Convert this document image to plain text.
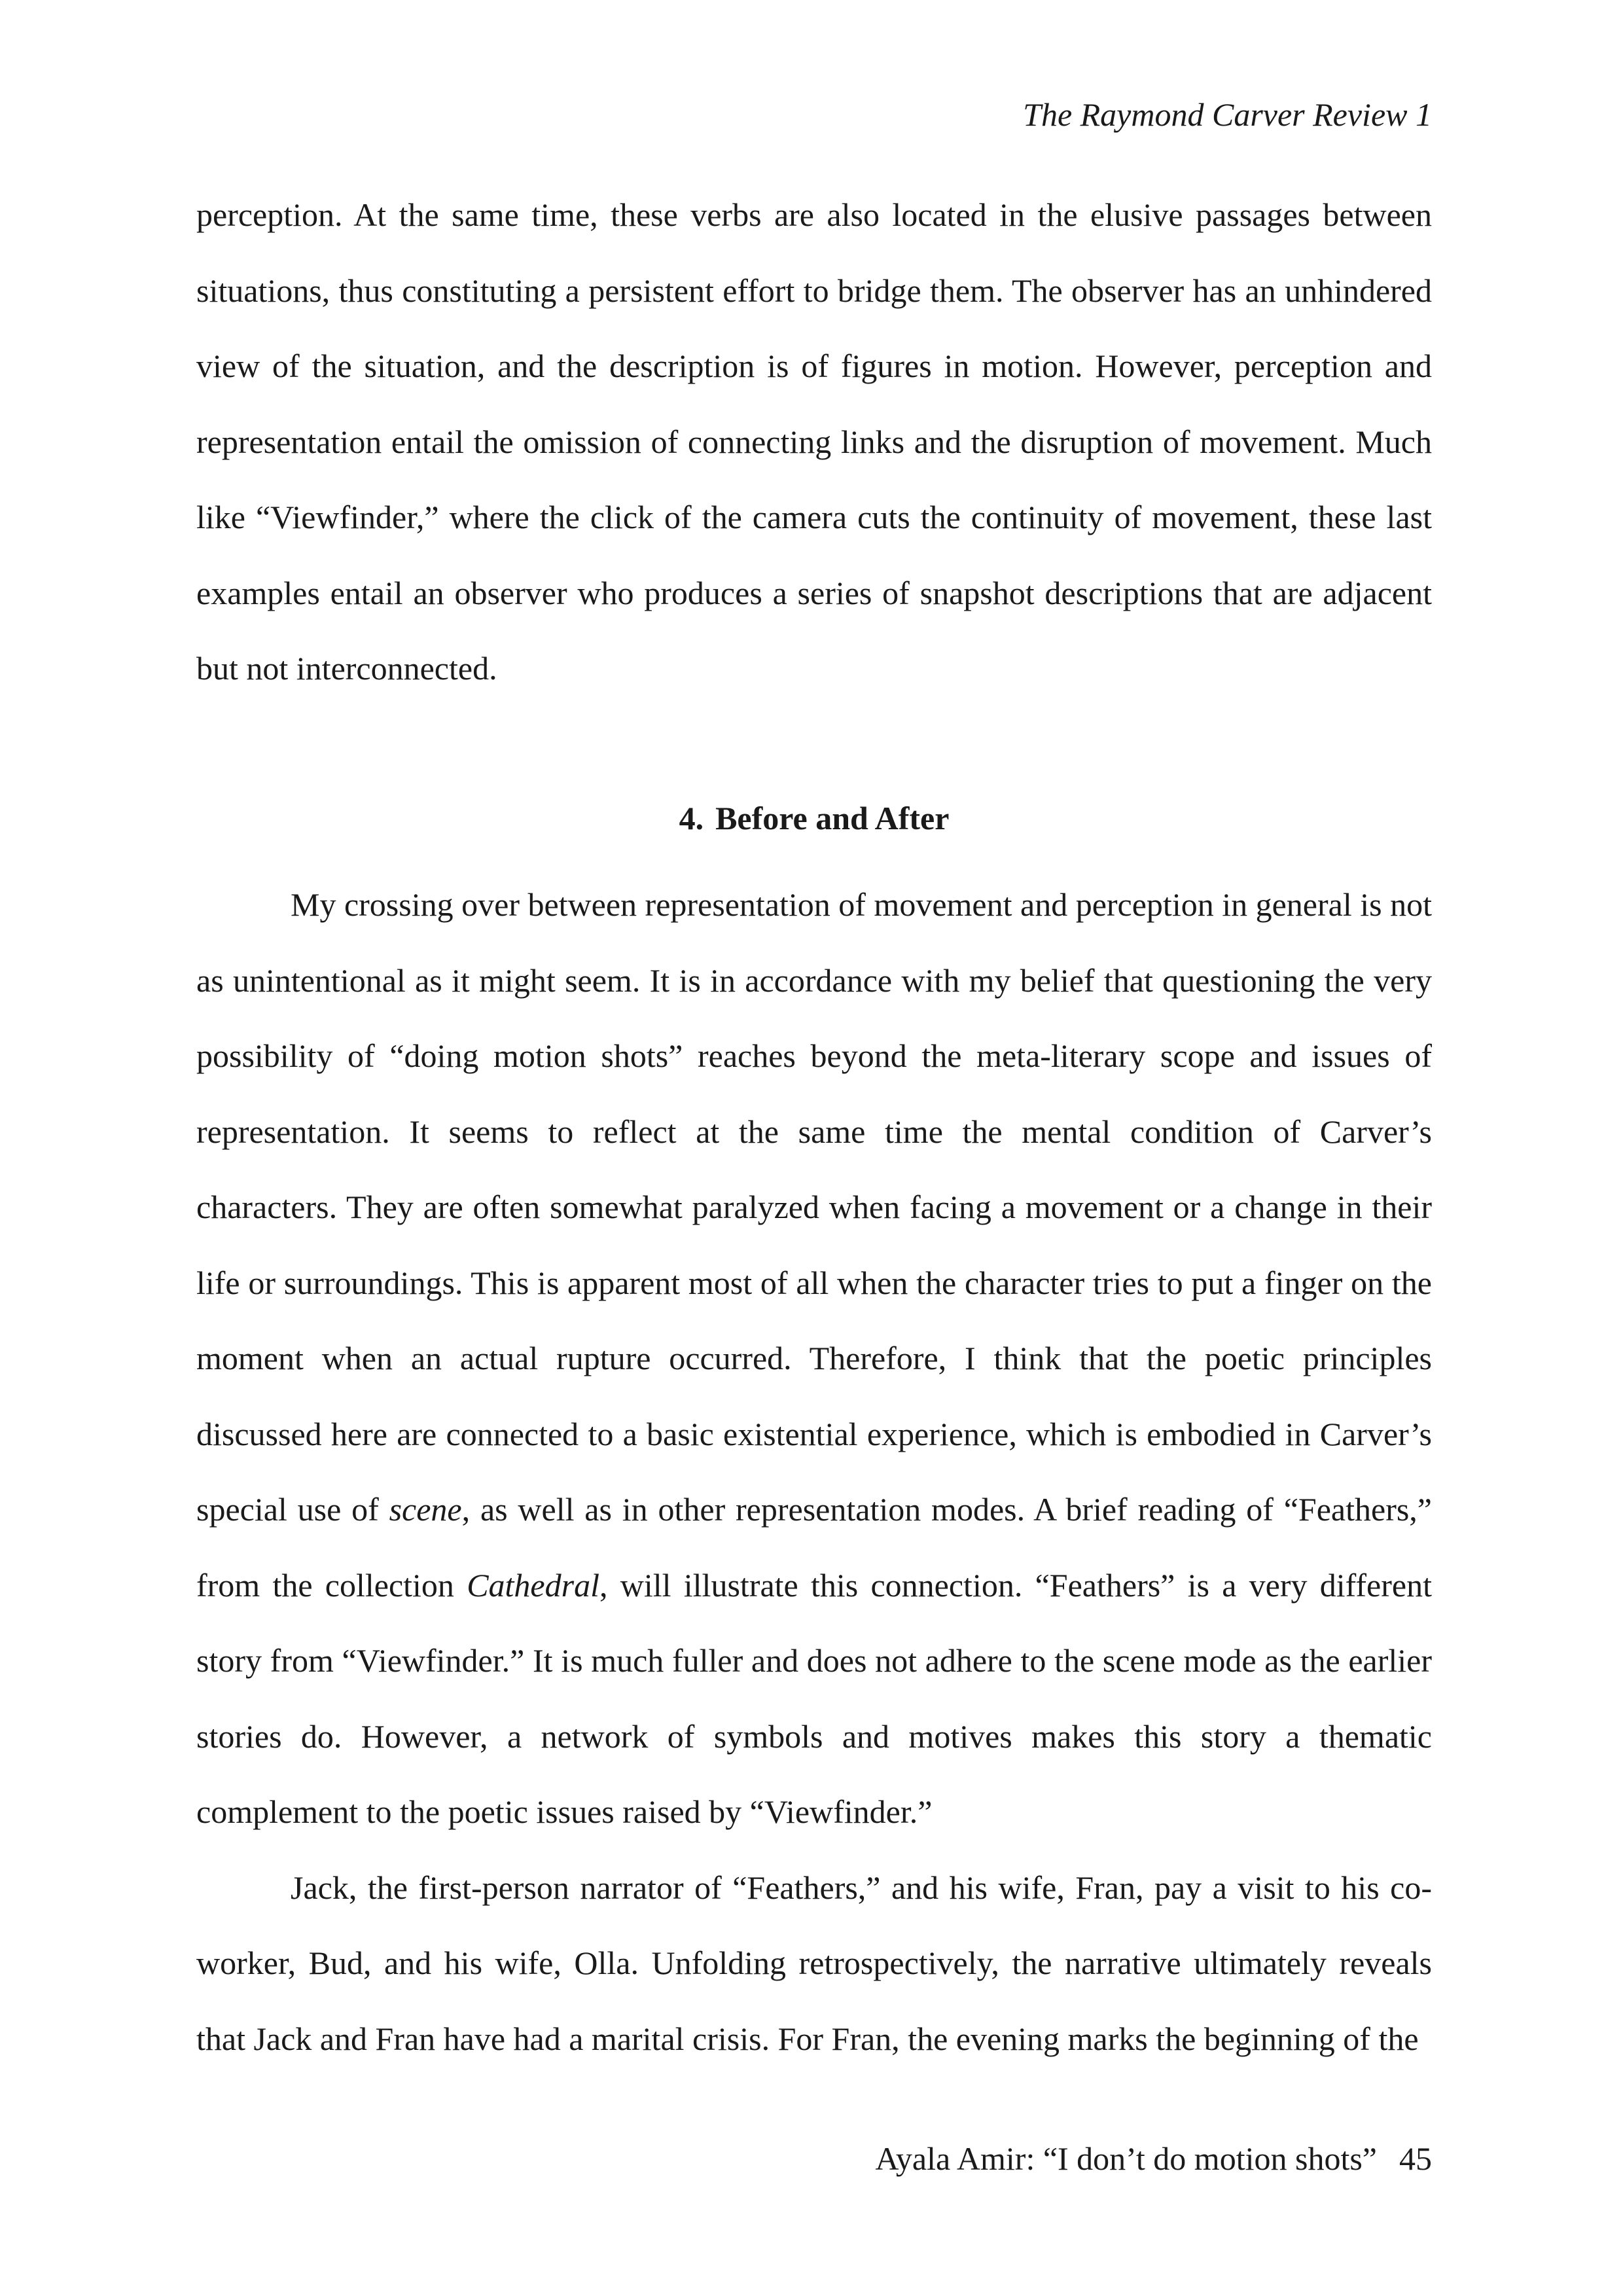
The Raymond Carver Review 1

perception. At the same time, these verbs are also located in the elusive passages between situations, thus constituting a persistent effort to bridge them. The observer has an unhindered view of the situation, and the description is of figures in motion. However, perception and representation entail the omission of connecting links and the disruption of movement. Much like “Viewfinder,” where the click of the camera cuts the continuity of movement, these last examples entail an observer who produces a series of snapshot descriptions that are adjacent but not interconnected.

4. Before and After

My crossing over between representation of movement and perception in general is not as unintentional as it might seem. It is in accordance with my belief that questioning the very possibility of “doing motion shots” reaches beyond the meta-literary scope and issues of representation. It seems to reflect at the same time the mental condition of Carver’s characters. They are often somewhat paralyzed when facing a movement or a change in their life or surroundings. This is apparent most of all when the character tries to put a finger on the moment when an actual rupture occurred. Therefore, I think that the poetic principles discussed here are connected to a basic existential experience, which is embodied in Carver’s special use of scene, as well as in other representation modes. A brief reading of “Feathers,” from the collection Cathedral, will illustrate this connection. “Feathers” is a very different story from “Viewfinder.” It is much fuller and does not adhere to the scene mode as the earlier stories do. However, a network of symbols and motives makes this story a thematic complement to the poetic issues raised by “Viewfinder.”

Jack, the first-person narrator of “Feathers,” and his wife, Fran, pay a visit to his co-worker, Bud, and his wife, Olla. Unfolding retrospectively, the narrative ultimately reveals that Jack and Fran have had a marital crisis. For Fran, the evening marks the beginning of the

Ayala Amir: “I don’t do motion shots” 45
